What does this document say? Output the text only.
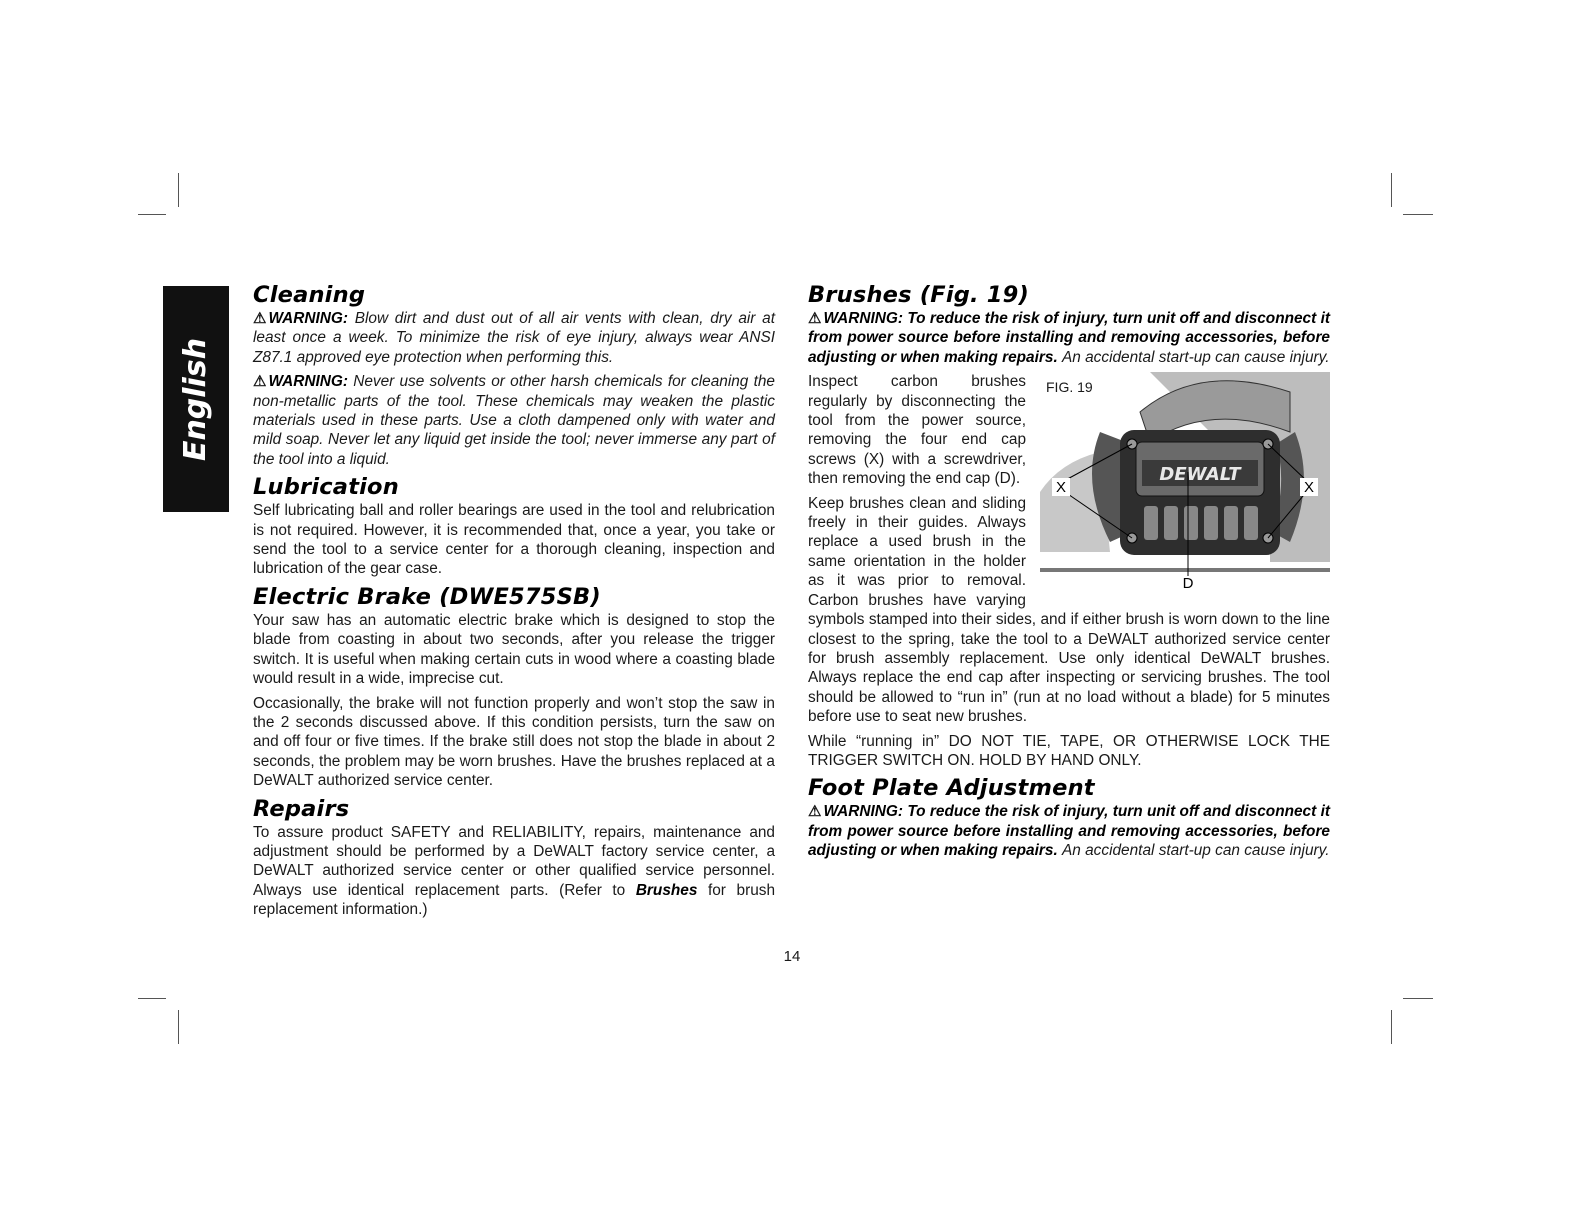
English
Cleaning

⚠ WARNING: Blow dirt and dust out of all air vents with clean, dry air at least once a week. To minimize the risk of eye injury, always wear ANSI Z87.1 approved eye protection when performing this.

⚠ WARNING: Never use solvents or other harsh chemicals for cleaning the non-metallic parts of the tool. These chemicals may weaken the plastic materials used in these parts. Use a cloth dampened only with water and mild soap. Never let any liquid get inside the tool; never immerse any part of the tool into a liquid.

Lubrication

Self lubricating ball and roller bearings are used in the tool and relubrication is not required. However, it is recommended that, once a year, you take or send the tool to a service center for a thorough cleaning, inspection and lubrication of the gear case.

Electric Brake (DWE575SB)

Your saw has an automatic electric brake which is designed to stop the blade from coasting in about two seconds, after you release the trigger switch. It is useful when making certain cuts in wood where a coasting blade would result in a wide, imprecise cut.

Occasionally, the brake will not function properly and won’t stop the saw in the 2 seconds discussed above. If this condition persists, turn the saw on and off four or five times. If the brake still does not stop the blade in about 2 seconds, the problem may be worn brushes. Have the brushes replaced at a DeWALT authorized service center.

Repairs

To assure product SAFETY and RELIABILITY, repairs, maintenance and adjustment should be performed by a DeWALT factory service center, a DeWALT authorized service center or other qualified service personnel. Always use identical replacement parts. (Refer to Brushes for brush replacement information.)

Brushes (Fig. 19)

⚠ WARNING: To reduce the risk of injury, turn unit off and disconnect it from power source before installing and removing accessories, before adjusting or when making repairs. An accidental start-up can cause injury.

FIG. 19
DEWALT
X	X
D

Inspect carbon brushes regularly by disconnecting the tool from the power source, removing the four end cap screws (X) with a screwdriver, then removing the end cap (D).

Keep brushes clean and sliding freely in their guides. Always replace a used brush in the same orientation in the holder as it was prior to removal. Carbon brushes have varying symbols stamped into their sides, and if either brush is worn down to the line closest to the spring, take the tool to a DeWALT authorized service center for brush assembly replacement. Use only identical DeWALT brushes. Always replace the end cap after inspecting or servicing brushes. The tool should be allowed to “run in” (run at no load without a blade) for 5 minutes before use to seat new brushes.

While “running in” DO NOT TIE, TAPE, OR OTHERWISE LOCK THE TRIGGER SWITCH ON. HOLD BY HAND ONLY.

Foot Plate Adjustment

⚠ WARNING: To reduce the risk of injury, turn unit off and disconnect it from power source before installing and removing accessories, before adjusting or when making repairs. An accidental start-up can cause injury.

14
